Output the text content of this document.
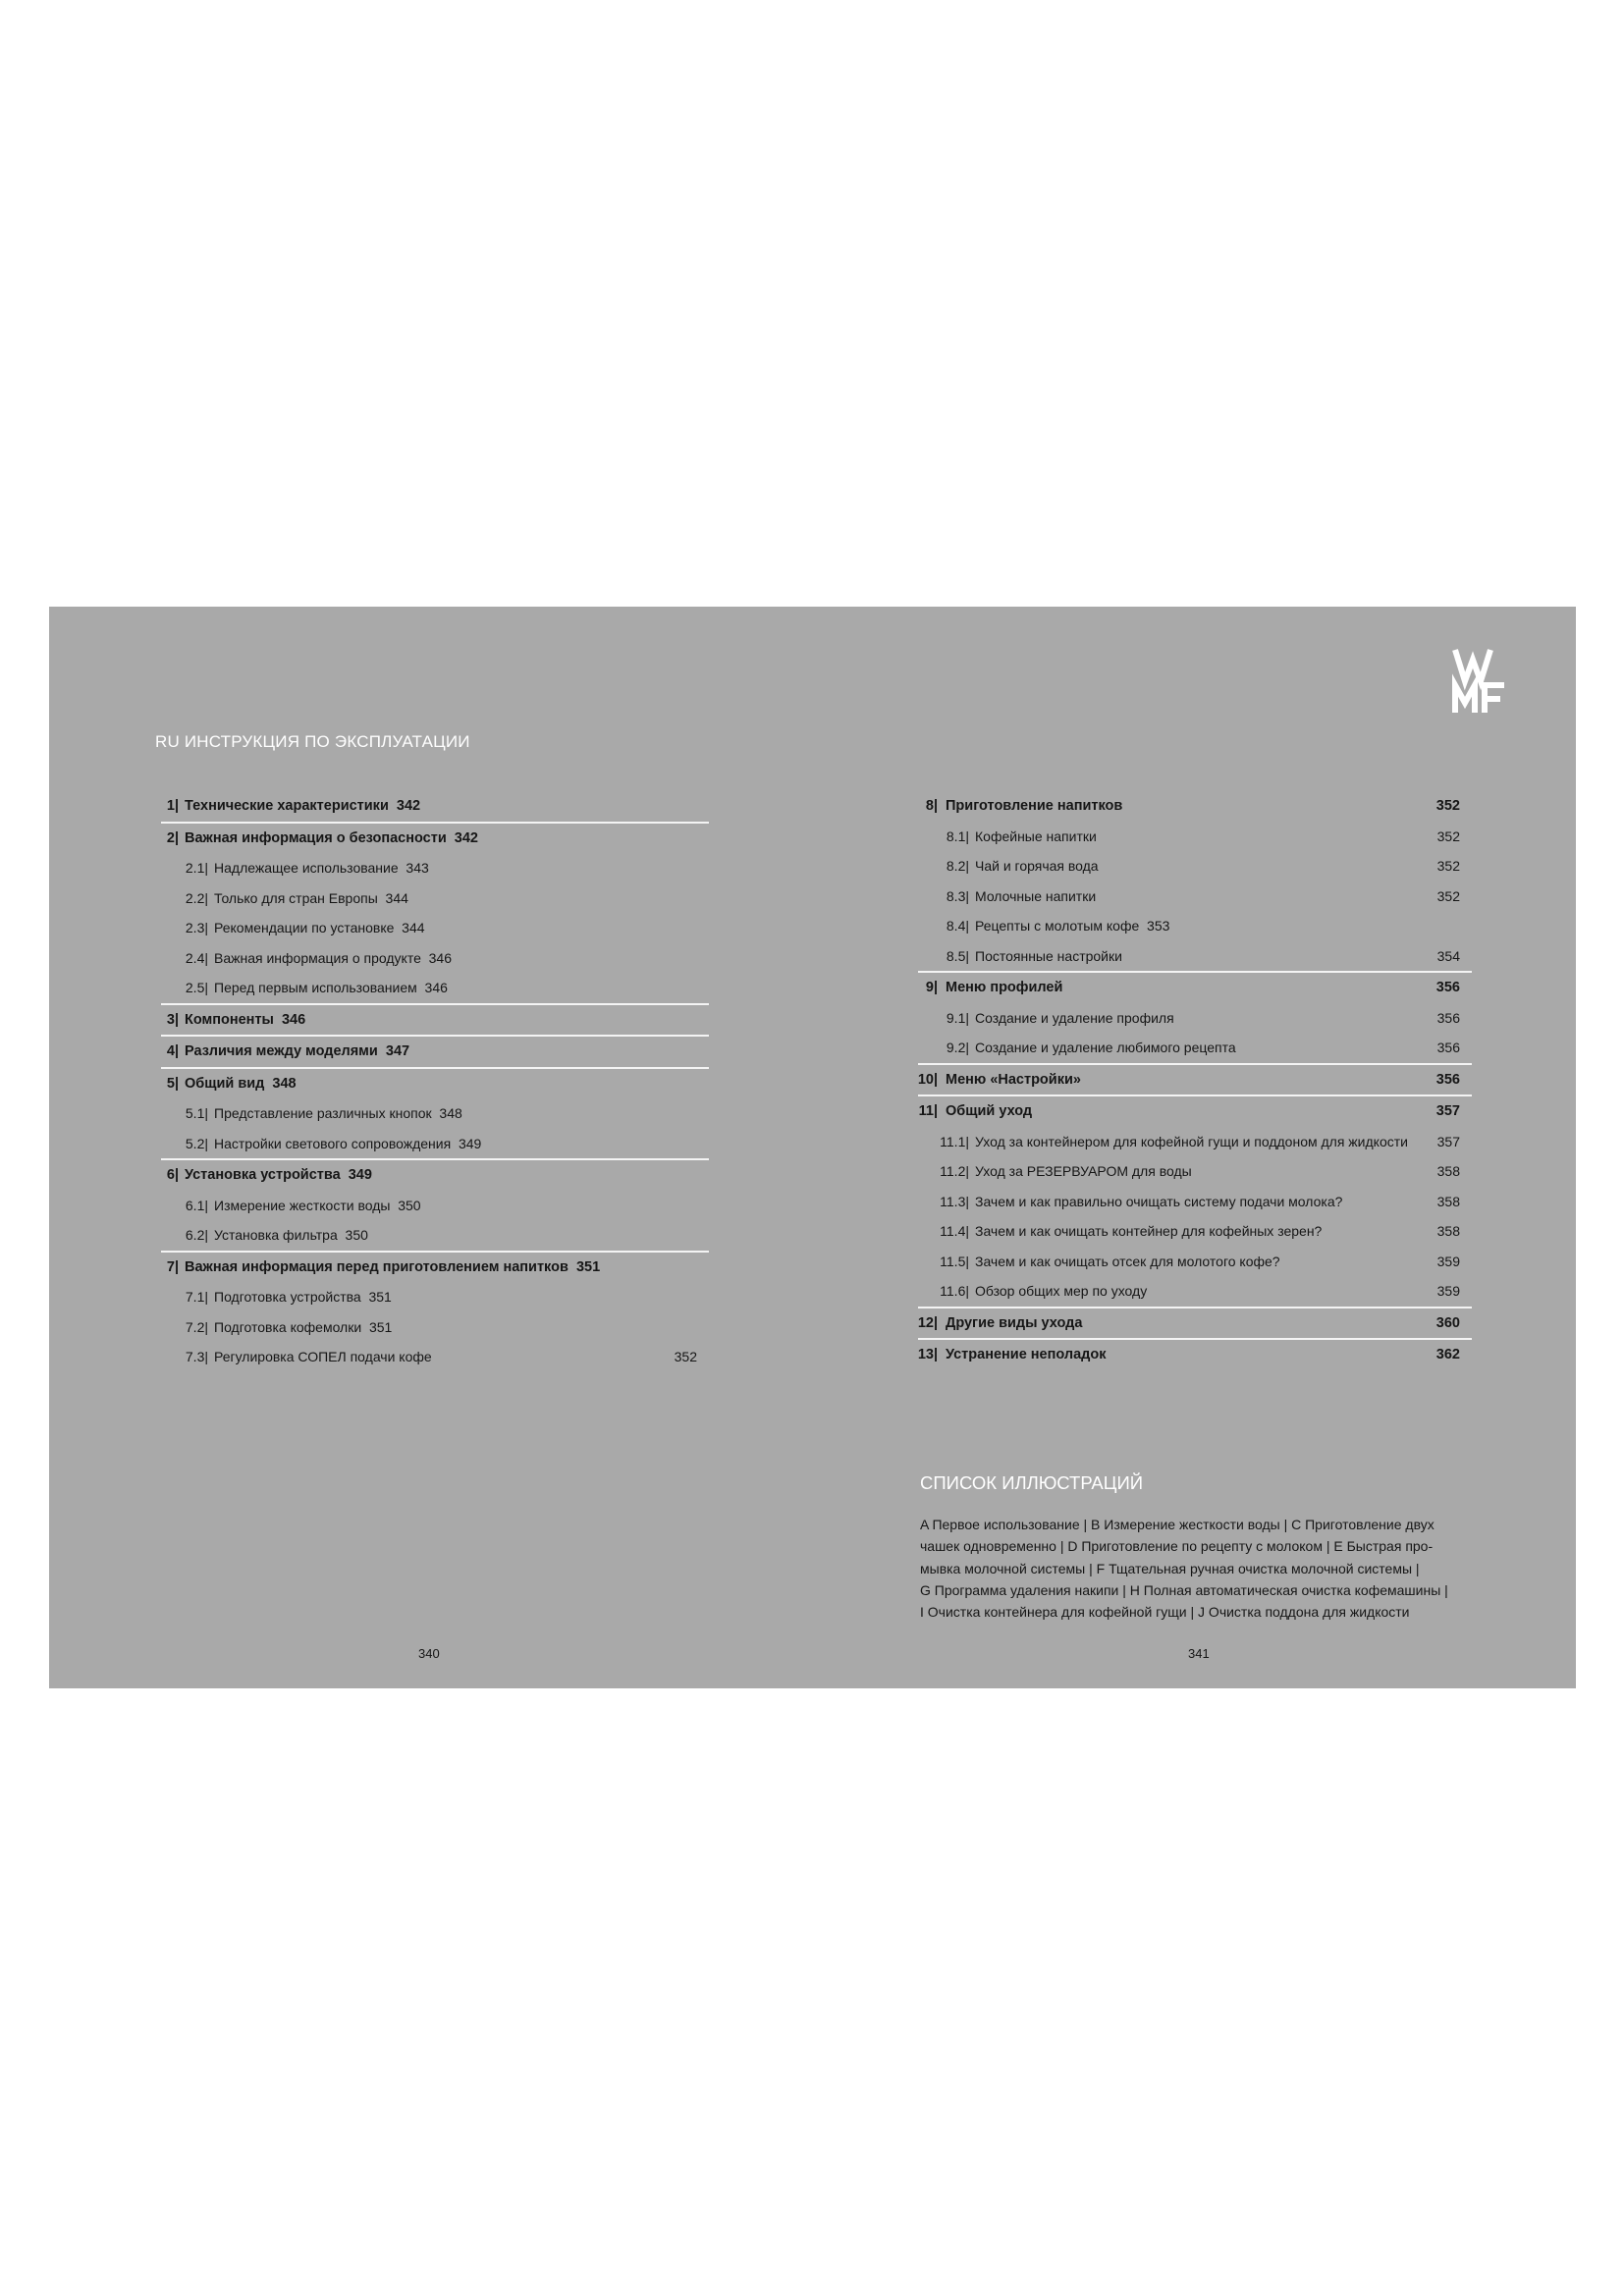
RU ИНСТРУКЦИЯ ПО ЭКСПЛУАТАЦИИ
1| Технические характеристики  342
2| Важная информация о безопасности  342
2.1| Надлежащее использование  343
2.2| Только для стран Европы  344
2.3| Рекомендации по установке  344
2.4| Важная информация о продукте  346
2.5| Перед первым использованием  346
3| Компоненты  346
4| Различия между моделями  347
5| Общий вид  348
5.1| Представление различных кнопок  348
5.2| Настройки светового сопровождения  349
6| Установка устройства  349
6.1| Измерение жесткости воды  350
6.2| Установка фильтра  350
7| Важная информация перед приготовлением напитков  351
7.1| Подготовка устройства  351
7.2| Подготовка кофемолки  351
7.3| Регулировка СОПЕЛ подачи кофе	352
8| Приготовление напитков	352
8.1| Кофейные напитки	352
8.2| Чай и горячая вода	352
8.3| Молочные напитки	352
8.4| Рецепты с молотым кофе  353
8.5| Постоянные настройки	354
9| Меню профилей	356
9.1| Создание и удаление профиля	356
9.2| Создание и удаление любимого рецепта	356
10| Меню «Настройки»	356
11| Общий уход	357
11.1| Уход за контейнером для кофейной гущи и поддоном для жидкости 357
11.2| Уход за РЕЗЕРВУАРОМ для воды	358
11.3| Зачем и как правильно очищать систему подачи молока?	358
11.4| Зачем и как очищать контейнер для кофейных зерен?	358
11.5| Зачем и как очищать отсек для молотого кофе?	359
11.6| Обзор общих мер по уходу	359
12| Другие виды ухода	360
13| Устранение неполадок	362
СПИСОК ИЛЛЮСТРАЦИЙ
A Первое использование | B Измерение жесткости воды | C Приготовление двух
чашек одновременно | D Приготовление по рецепту с молоком | E Быстрая про-
мывка молочной системы | F Тщательная ручная очистка молочной системы |
G Программа удаления накипи | H Полная автоматическая очистка кофемашины |
I Очистка контейнера для кофейной гущи | J Очистка поддона для жидкости
340	341
